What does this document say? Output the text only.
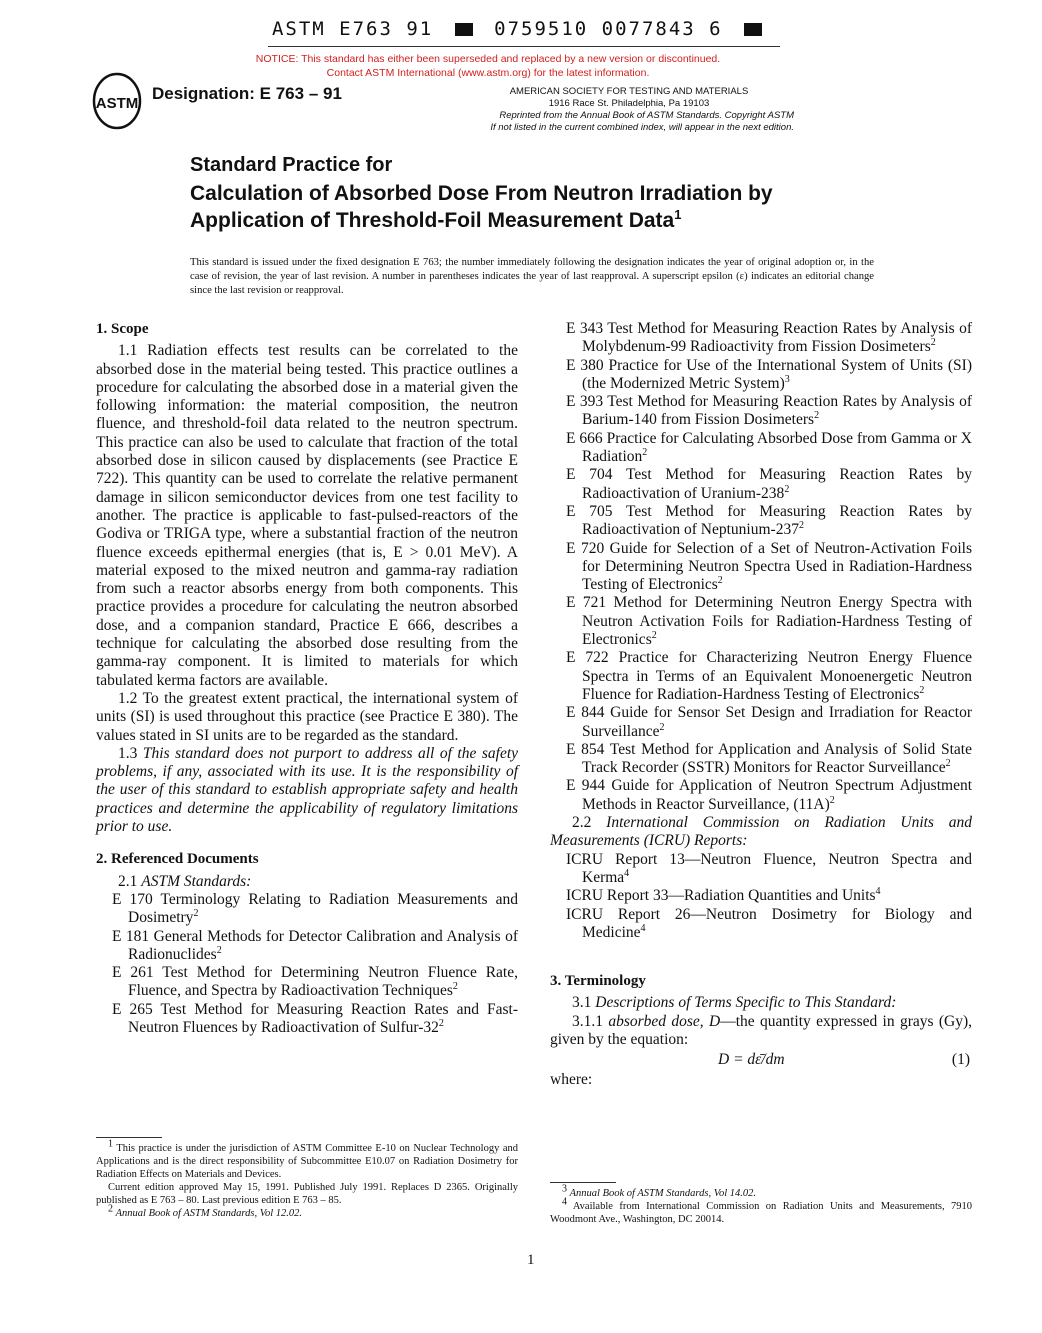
ASTM E763 91	0759510 0077843 6
NOTICE: This standard has either been superseded and replaced by a new version or discontinued.
Contact ASTM International (www.astm.org) for the latest information.
ASTM
Designation: E 763 – 91	AMERICAN SOCIETY FOR TESTING AND MATERIALS
1916 Race St. Philadelphia, Pa 19103
Reprinted from the Annual Book of ASTM Standards. Copyright ASTM
If not listed in the current combined index, will appear in the next edition.
Standard Practice for
Calculation of Absorbed Dose From Neutron Irradiation by Application of Threshold-Foil Measurement Data$^1$
This standard is issued under the fixed designation E 763; the number immediately following the designation indicates the year of original adoption or, in the case of revision, the year of last revision. A number in parentheses indicates the year of last reapproval. A superscript epsilon (ε) indicates an editorial change since the last revision or reapproval.
1. Scope

1.1 Radiation effects test results can be correlated to the absorbed dose in the material being tested. This practice outlines a procedure for calculating the absorbed dose in a material given the following information: the material composition, the neutron fluence, and threshold-foil data related to the neutron spectrum. This practice can also be used to calculate that fraction of the total absorbed dose in silicon caused by displacements (see Practice E 722). This quantity can be used to correlate the relative permanent damage in silicon semiconductor devices from one test facility to another. The practice is applicable to fast-pulsed-reactors of the Godiva or TRIGA type, where a substantial fraction of the neutron fluence exceeds epithermal energies (that is, E > 0.01 MeV). A material exposed to the mixed neutron and gamma-ray radiation from such a reactor absorbs energy from both components. This practice provides a procedure for calculating the neutron absorbed dose, and a companion standard, Practice E 666, describes a technique for calculating the absorbed dose resulting from the gamma-ray component. It is limited to materials for which tabulated kerma factors are available.

1.2 To the greatest extent practical, the international system of units (SI) is used throughout this practice (see Practice E 380). The values stated in SI units are to be regarded as the standard.

1.3 This standard does not purport to address all of the safety problems, if any, associated with its use. It is the responsibility of the user of this standard to establish appropriate safety and health practices and determine the applicability of regulatory limitations prior to use.

2. Referenced Documents

2.1 ASTM Standards:

E 170 Terminology Relating to Radiation Measurements and Dosimetry$^2$

E 181 General Methods for Detector Calibration and Analysis of Radionuclides$^2$

E 261 Test Method for Determining Neutron Fluence Rate, Fluence, and Spectra by Radioactivation Techniques$^2$

E 265 Test Method for Measuring Reaction Rates and Fast-Neutron Fluences by Radioactivation of Sulfur-$32^2$

$^1$ This practice is under the jurisdiction of ASTM Committee E-10 on Nuclear Technology and Applications and is the direct responsibility of Subcommittee E10.07 on Radiation Dosimetry for Radiation Effects on Materials and Devices.

Current edition approved May 15, 1991. Published July 1991. Replaces D 2365. Originally published as E 763 – 80. Last previous edition E 763 – 85.

$^2$ Annual Book of ASTM Standards, Vol 12.02.

E 343 Test Method for Measuring Reaction Rates by Analysis of Molybdenum-99 Radioactivity from Fission Dosimeters$^2$

E 380 Practice for Use of the International System of Units (SI) (the Modernized Metric System)$^3$

E 393 Test Method for Measuring Reaction Rates by Analysis of Barium-140 from Fission Dosimeters$^2$

E 666 Practice for Calculating Absorbed Dose from Gamma or X Radiation$^2$

E 704 Test Method for Measuring Reaction Rates by Radioactivation of Uranium-$238^2$

E 705 Test Method for Measuring Reaction Rates by Radioactivation of Neptunium-$237^2$

E 720 Guide for Selection of a Set of Neutron-Activation Foils for Determining Neutron Spectra Used in Radiation-Hardness Testing of Electronics$^2$

E 721 Method for Determining Neutron Energy Spectra with Neutron Activation Foils for Radiation-Hardness Testing of Electronics$^2$

E 722 Practice for Characterizing Neutron Energy Fluence Spectra in Terms of an Equivalent Monoenergetic Neutron Fluence for Radiation-Hardness Testing of Electronics$^2$

E 844 Guide for Sensor Set Design and Irradiation for Reactor Surveillance$^2$

E 854 Test Method for Application and Analysis of Solid State Track Recorder (SSTR) Monitors for Reactor Surveillance$^2$

E 944 Guide for Application of Neutron Spectrum Adjustment Methods in Reactor Surveillance, $(11A)^2$

2.2 International Commission on Radiation Units and Measurements (ICRU) Reports:

ICRU Report 13—Neutron Fluence, Neutron Spectra and Kerma$^4$

ICRU Report 33—Radiation Quantities and Units$^4$

ICRU Report 26—Neutron Dosimetry for Biology and Medicine$^4$

3. Terminology

3.1 Descriptions of Terms Specific to This Standard:

3.1.1 absorbed dose, D—the quantity expressed in grays (Gy), given by the equation:

D = dε̄/dm	(1)

where:

$^3$ Annual Book of ASTM Standards, Vol 14.02.

$^4$ Available from International Commission on Radiation Units and Measurements, 7910 Woodmont Ave., Washington, DC 20014.

1
